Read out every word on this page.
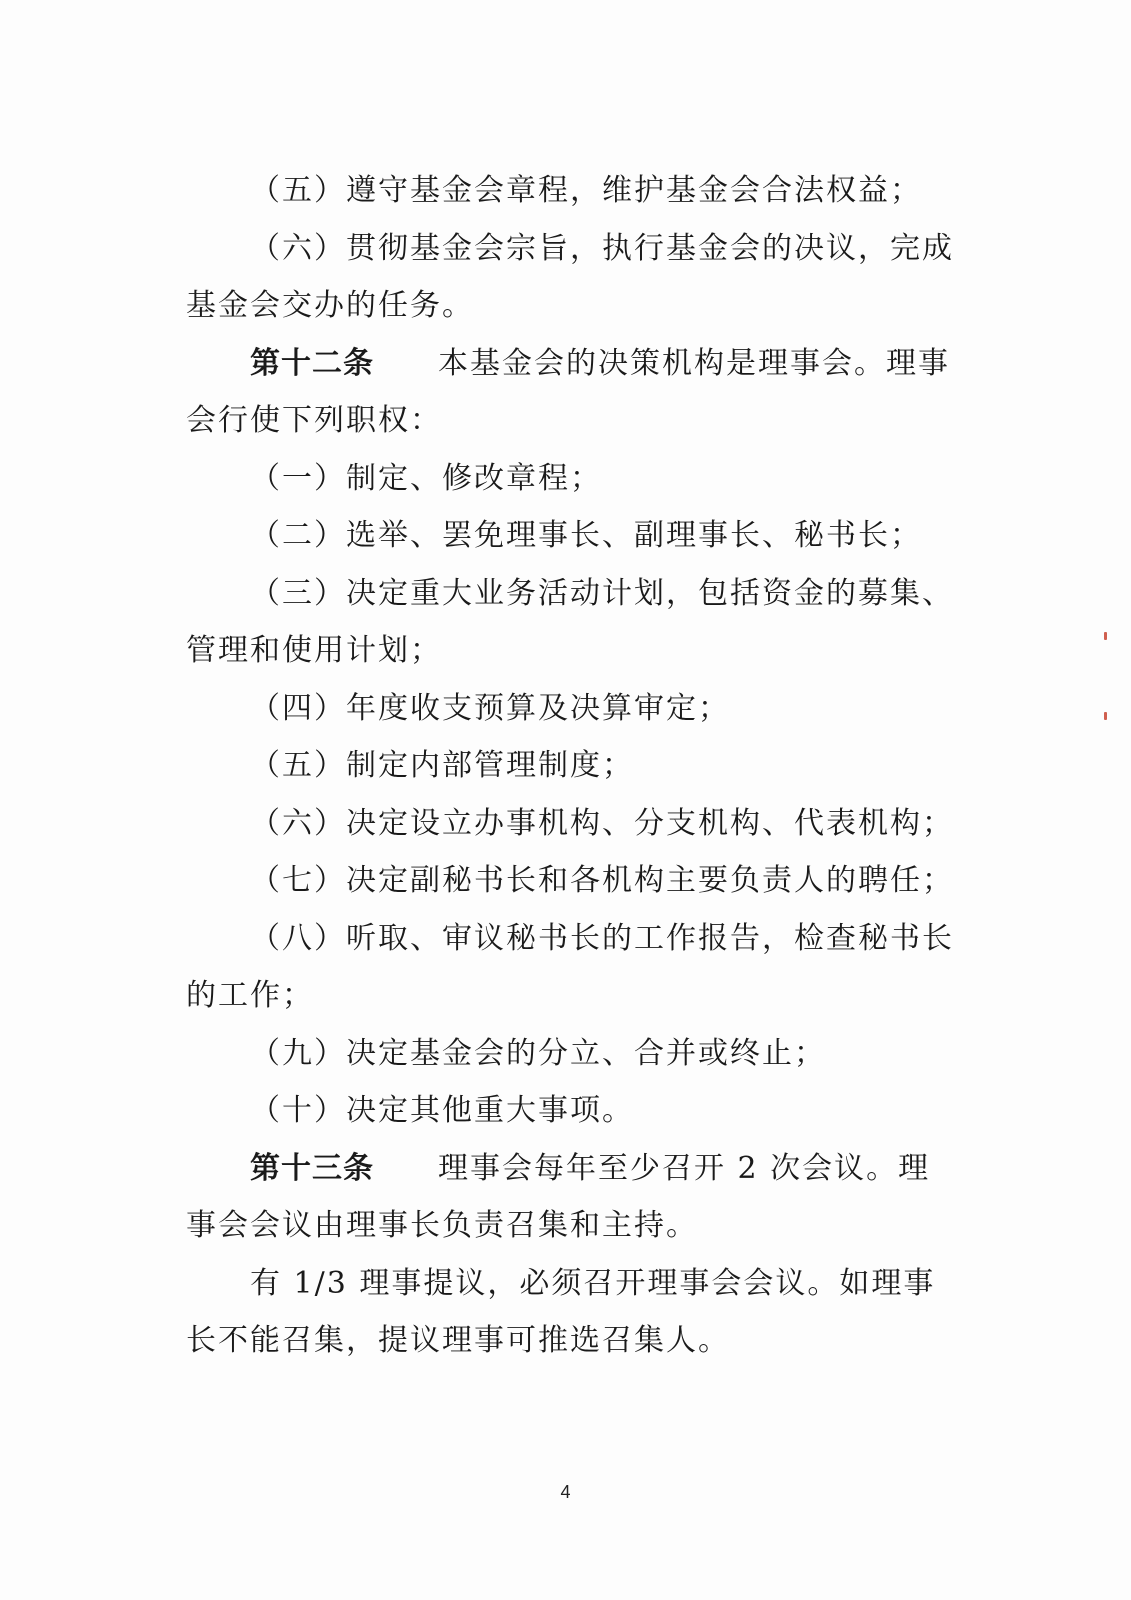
（五）遵守基金会章程，维护基金会合法权益；

（六）贯彻基金会宗旨，执行基金会的决议，完成基金会交办的任务。

第十二条 本基金会的决策机构是理事会。理事会行使下列职权：

（一）制定、修改章程；

（二）选举、罢免理事长、副理事长、秘书长；

（三）决定重大业务活动计划，包括资金的募集、管理和使用计划；

（四）年度收支预算及决算审定；

（五）制定内部管理制度；

（六）决定设立办事机构、分支机构、代表机构；

（七）决定副秘书长和各机构主要负责人的聘任；

（八）听取、审议秘书长的工作报告，检查秘书长的工作；

（九）决定基金会的分立、合并或终止；

（十）决定其他重大事项。

第十三条 理事会每年至少召开 2 次会议。理事会会议由理事长负责召集和主持。

有 1/3 理事提议，必须召开理事会会议。如理事长不能召集，提议理事可推选召集人。

4
